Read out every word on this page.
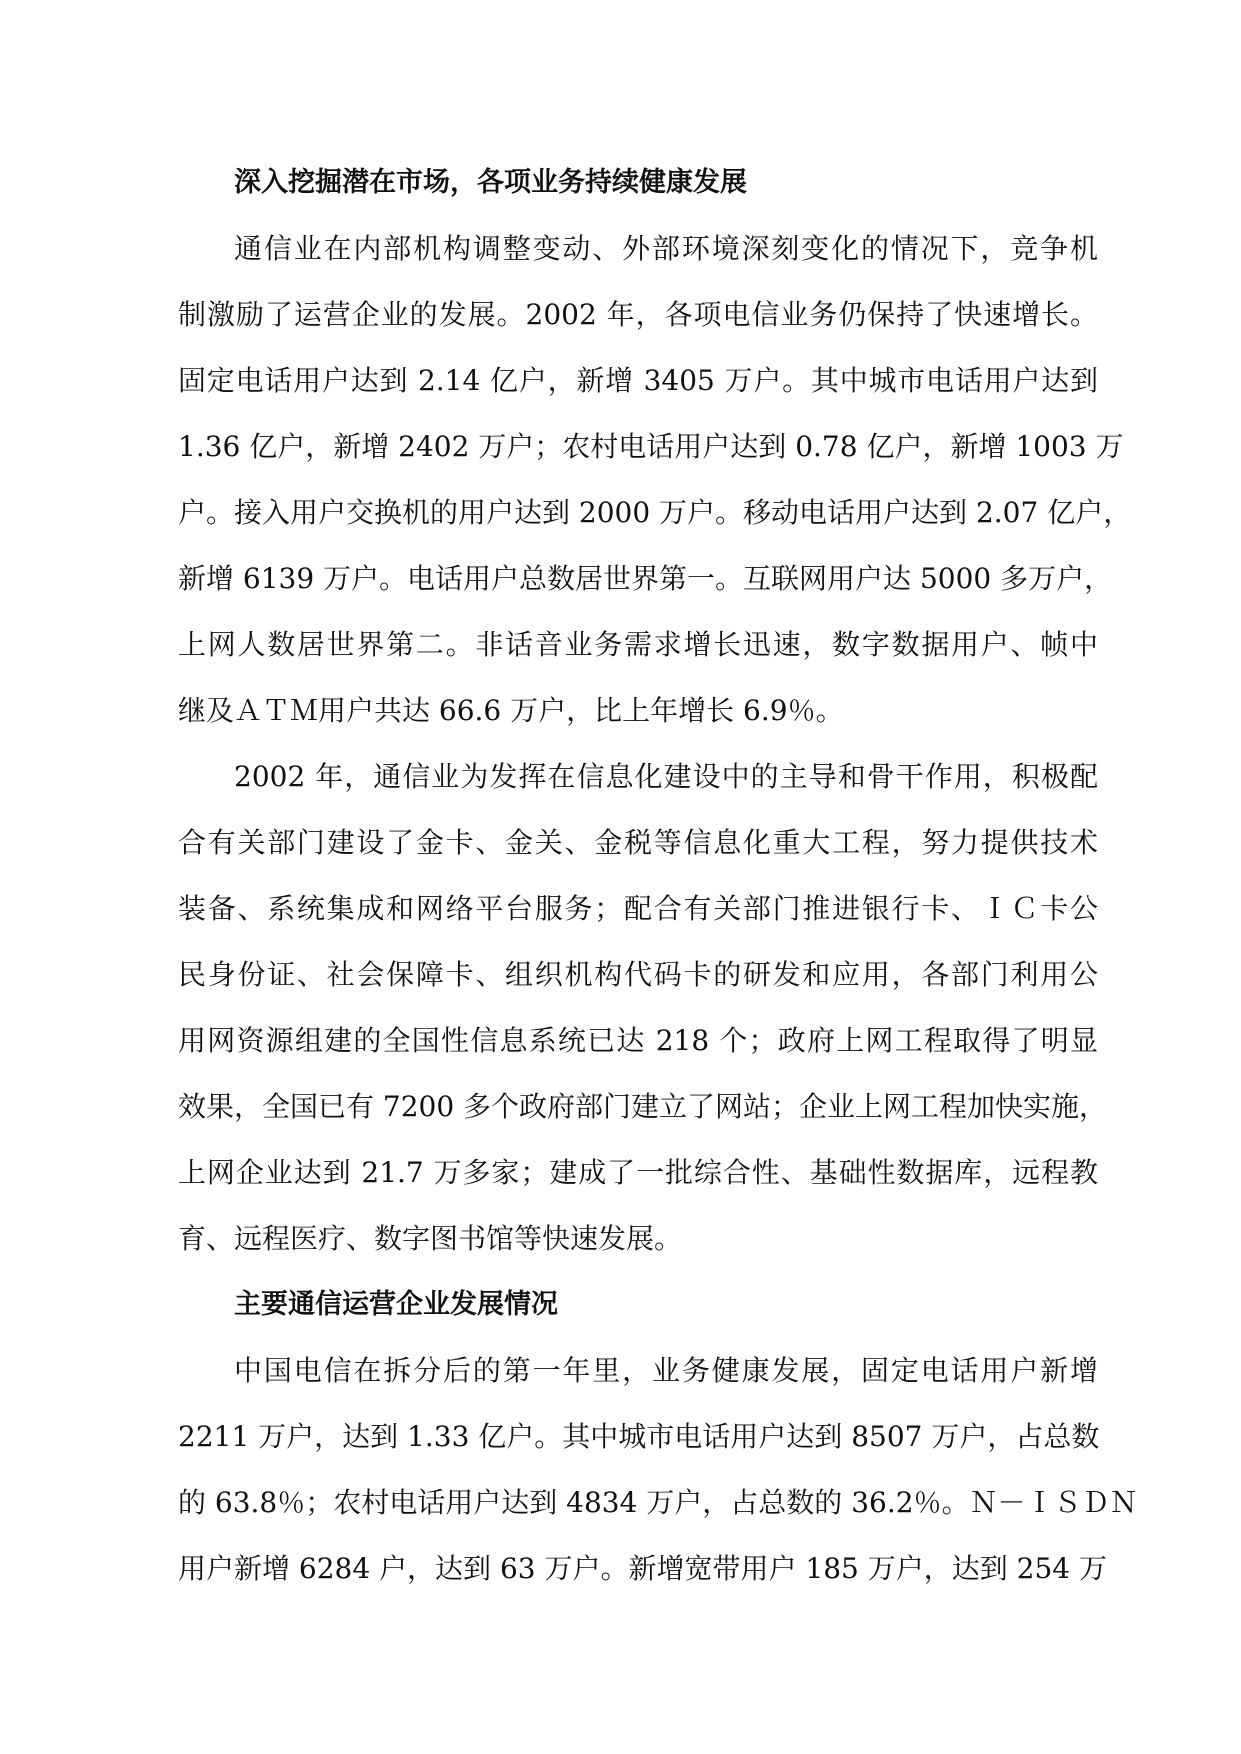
深入挖掘潜在市场，各项业务持续健康发展

通信业在内部机构调整变动、外部环境深刻变化的情况下，竞争机
制激励了运营企业的发展。2002 年，各项电信业务仍保持了快速增长。
固定电话用户达到 2.14 亿户，新增 3405 万户。其中城市电话用户达到
1.36 亿户，新增 2402 万户；农村电话用户达到 0.78 亿户，新增 1003 万
户。接入用户交换机的用户达到 2000 万户。移动电话用户达到 2.07 亿户，
新增 6139 万户。电话用户总数居世界第一。互联网用户达 5000 多万户，
上网人数居世界第二。非话音业务需求增长迅速，数字数据用户、帧中
继及ＡＴＭ用户共达 66.6 万户，比上年增长 6.9％。

2002 年，通信业为发挥在信息化建设中的主导和骨干作用，积极配
合有关部门建设了金卡、金关、金税等信息化重大工程，努力提供技术
装备、系统集成和网络平台服务；配合有关部门推进银行卡、ＩＣ卡公
民身份证、社会保障卡、组织机构代码卡的研发和应用，各部门利用公
用网资源组建的全国性信息系统已达 218 个；政府上网工程取得了明显
效果，全国已有 7200 多个政府部门建立了网站；企业上网工程加快实施，
上网企业达到 21.7 万多家；建成了一批综合性、基础性数据库，远程教
育、远程医疗、数字图书馆等快速发展。

主要通信运营企业发展情况

中国电信在拆分后的第一年里，业务健康发展，固定电话用户新增
2211 万户，达到 1.33 亿户。其中城市电话用户达到 8507 万户，占总数
的 63.8％；农村电话用户达到 4834 万户，占总数的 36.2％。Ｎ－ＩＳＤＮ
用户新增 6284 户，达到 63 万户。新增宽带用户 185 万户，达到 254 万
